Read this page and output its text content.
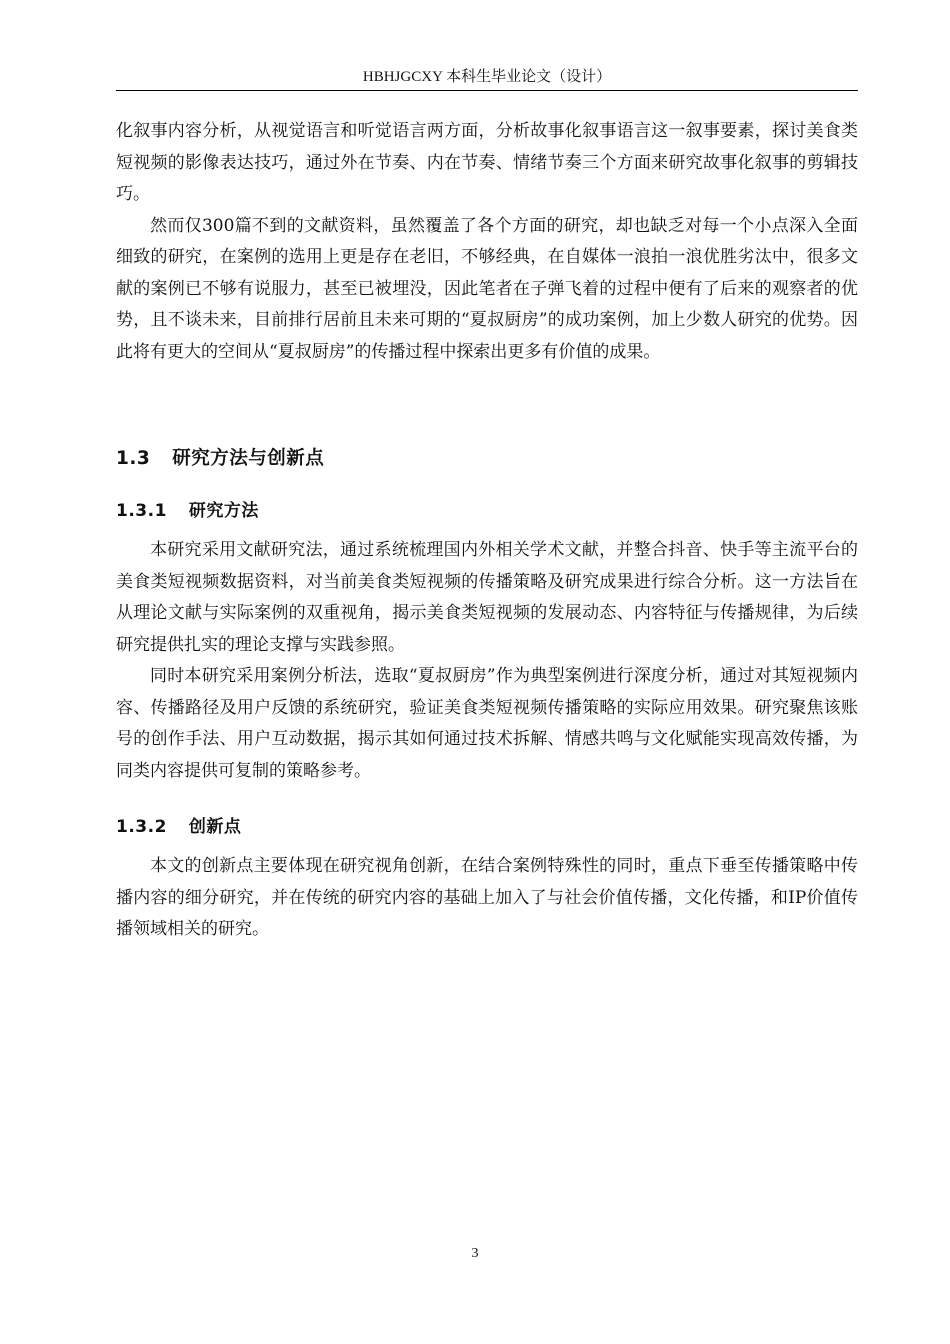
HBHJGCXY 本科生毕业论文（设计）

化叙事内容分析，从视觉语言和听觉语言两方面，分析故事化叙事语言这一叙事要素，探讨美食类短视频的影像表达技巧，通过外在节奏、内在节奏、情绪节奏三个方面来研究故事化叙事的剪辑技巧。

然而仅300篇不到的文献资料，虽然覆盖了各个方面的研究，却也缺乏对每一个小点深入全面细致的研究，在案例的选用上更是存在老旧，不够经典，在自媒体一浪拍一浪优胜劣汰中，很多文献的案例已不够有说服力，甚至已被埋没，因此笔者在子弹飞着的过程中便有了后来的观察者的优势，且不谈未来，目前排行居前且未来可期的“夏叔厨房”的成功案例，加上少数人研究的优势。因此将有更大的空间从“夏叔厨房”的传播过程中探索出更多有价值的成果。

1.3 研究方法与创新点
1.3.1 研究方法

本研究采用文献研究法，通过系统梳理国内外相关学术文献，并整合抖音、快手等主流平台的美食类短视频数据资料，对当前美食类短视频的传播策略及研究成果进行综合分析。这一方法旨在从理论文献与实际案例的双重视角，揭示美食类短视频的发展动态、内容特征与传播规律，为后续研究提供扎实的理论支撑与实践参照。

同时本研究采用案例分析法，选取“夏叔厨房”作为典型案例进行深度分析，通过对其短视频内容、传播路径及用户反馈的系统研究，验证美食类短视频传播策略的实际应用效果。研究聚焦该账号的创作手法、用户互动数据，揭示其如何通过技术拆解、情感共鸣与文化赋能实现高效传播，为同类内容提供可复制的策略参考。

1.3.2 创新点

本文的创新点主要体现在研究视角创新，在结合案例特殊性的同时，重点下垂至传播策略中传播内容的细分研究，并在传统的研究内容的基础上加入了与社会价值传播，文化传播，和IP价值传播领域相关的研究。

3
